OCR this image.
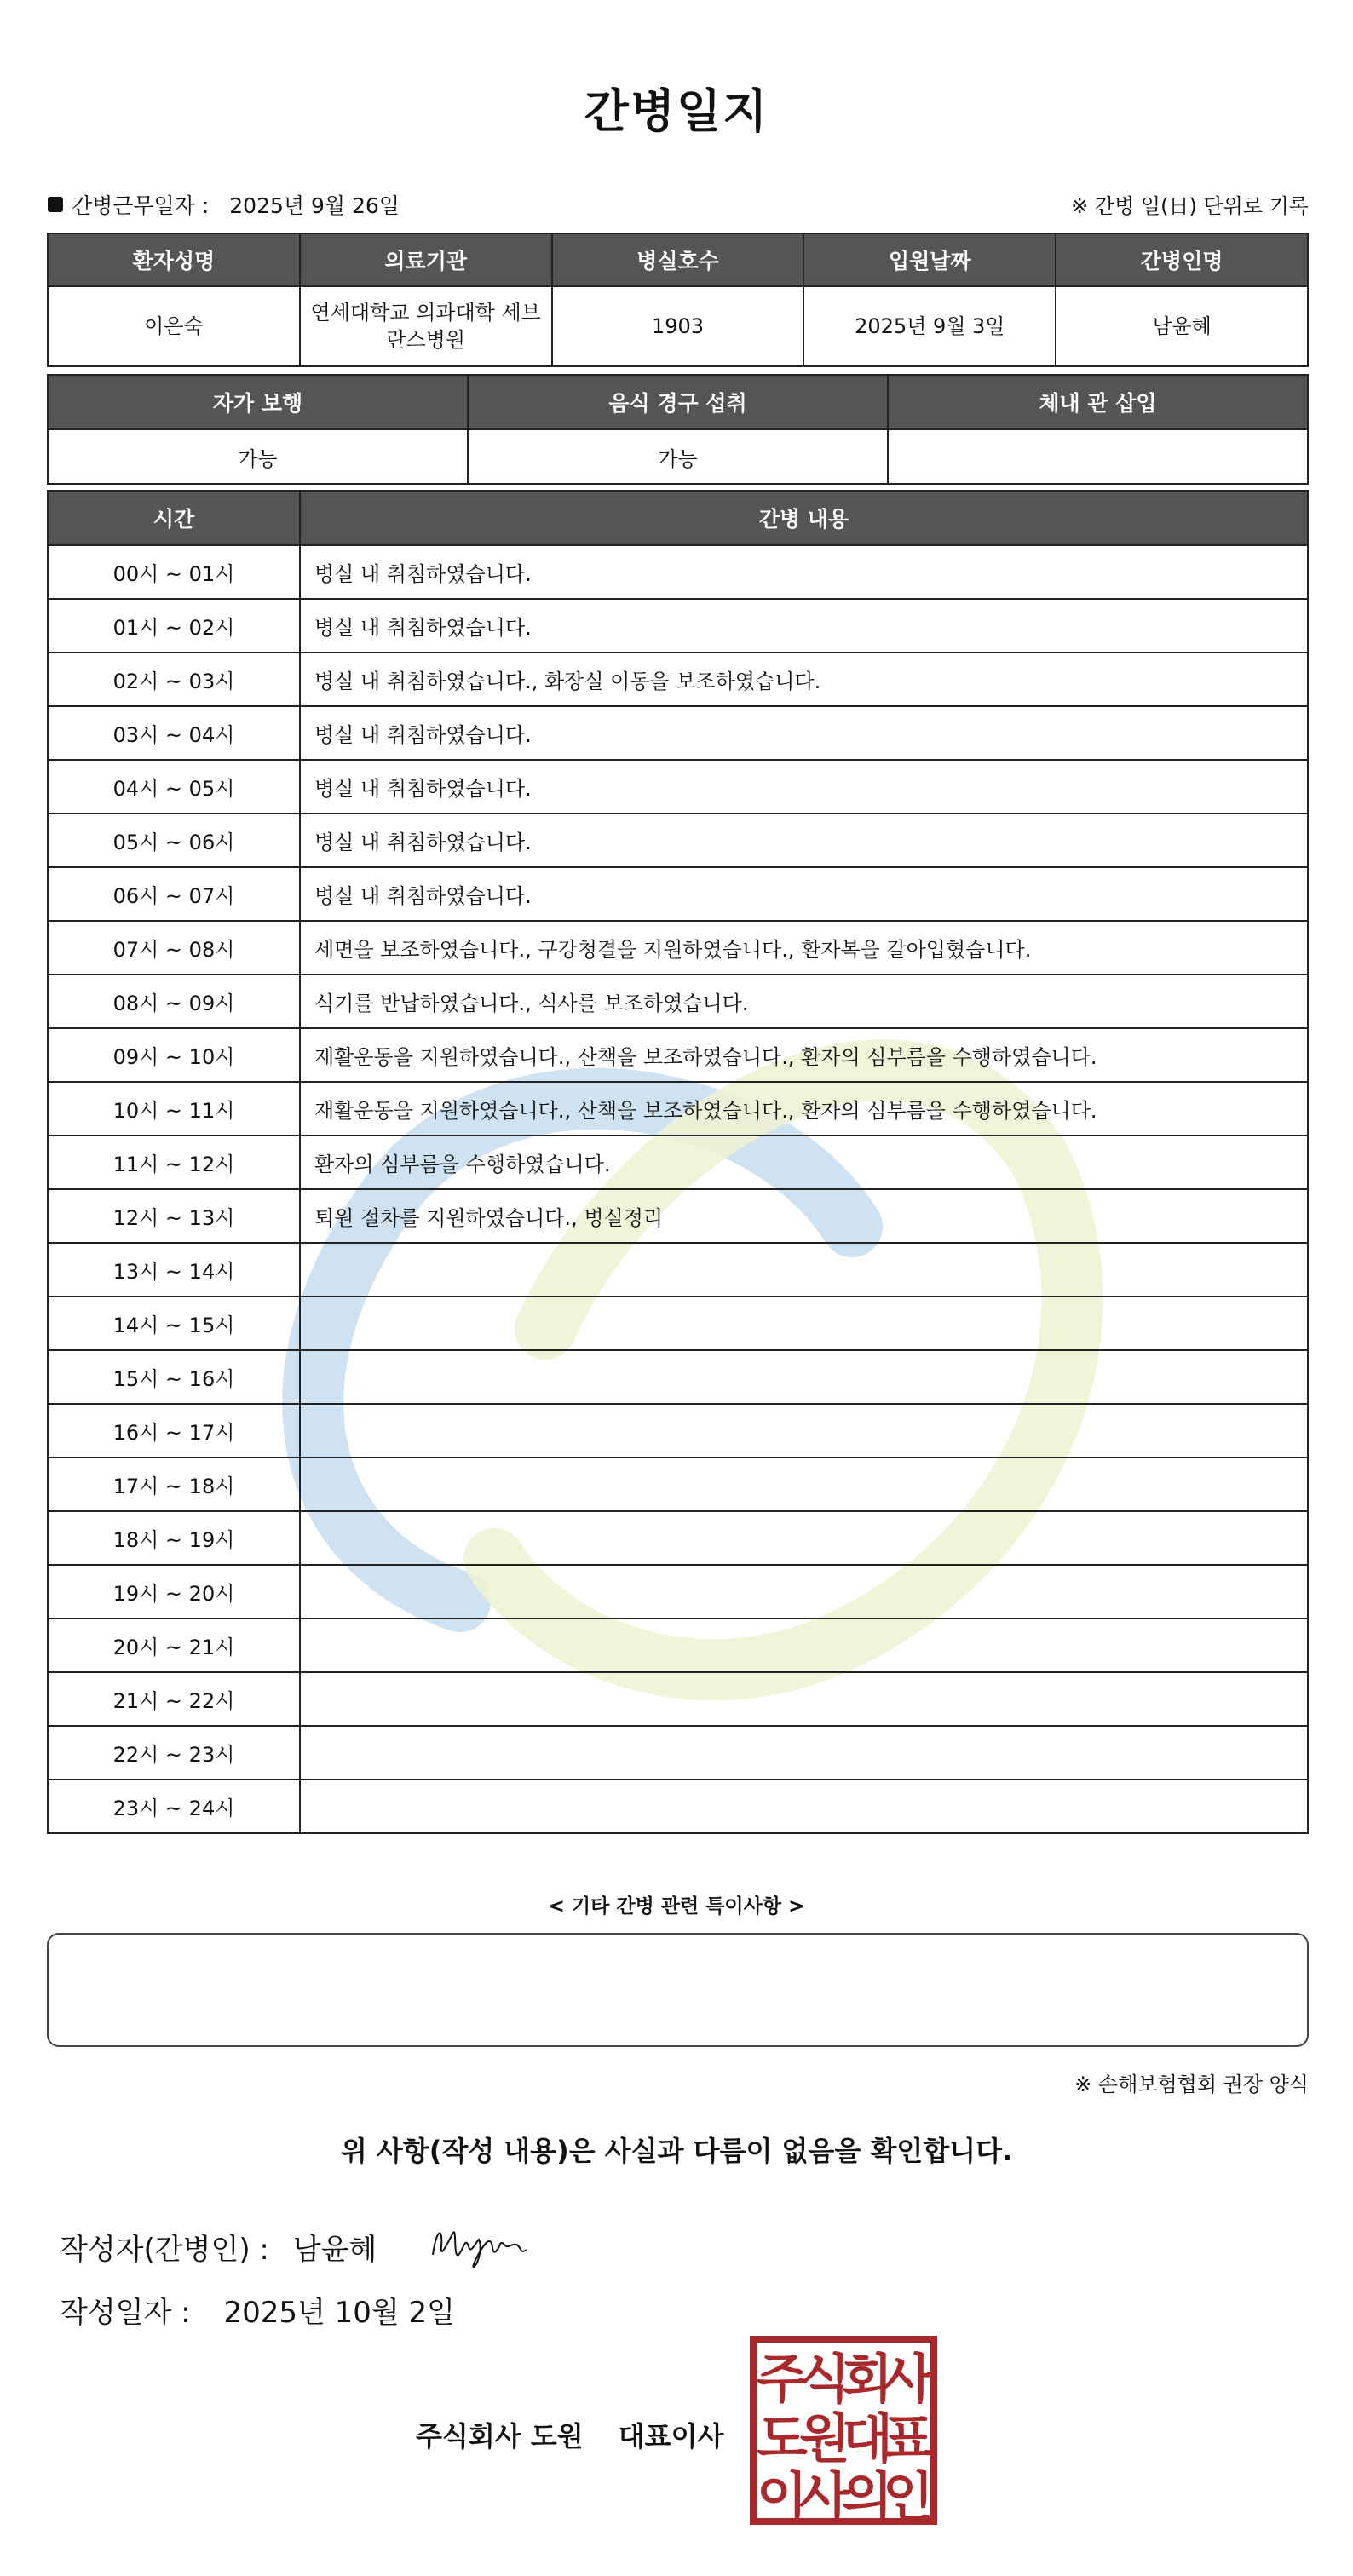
간병일지
간병근무일자 : 2025년 9월 26일	※ 간병 일(日) 단위로 기록
환자성명	의료기관	병실호수	입원날짜	간병인명
이은숙	연세대학교 의과대학 세브란스병원	1903	2025년 9월 3일	남윤혜
자가 보행	음식 경구 섭취	체내 관 삽입
가능	가능	
시간	간병 내용
00시 ~ 01시	병실 내 취침하였습니다.
01시 ~ 02시	병실 내 취침하였습니다.
02시 ~ 03시	병실 내 취침하였습니다., 화장실 이동을 보조하였습니다.
03시 ~ 04시	병실 내 취침하였습니다.
04시 ~ 05시	병실 내 취침하였습니다.
05시 ~ 06시	병실 내 취침하였습니다.
06시 ~ 07시	병실 내 취침하였습니다.
07시 ~ 08시	세면을 보조하였습니다., 구강청결을 지원하였습니다., 환자복을 갈아입혔습니다.
08시 ~ 09시	식기를 반납하였습니다., 식사를 보조하였습니다.
09시 ~ 10시	재활운동을 지원하였습니다., 산책을 보조하였습니다., 환자의 심부름을 수행하였습니다.
10시 ~ 11시	재활운동을 지원하였습니다., 산책을 보조하였습니다., 환자의 심부름을 수행하였습니다.
11시 ~ 12시	환자의 심부름을 수행하였습니다.
12시 ~ 13시	퇴원 절차를 지원하였습니다., 병실정리
13시 ~ 14시	
14시 ~ 15시	
15시 ~ 16시	
16시 ~ 17시	
17시 ~ 18시	
18시 ~ 19시	
19시 ~ 20시	
20시 ~ 21시	
21시 ~ 22시	
22시 ~ 23시	
23시 ~ 24시	
< 기타 간병 관련 특이사항 >
※ 손해보험협회 권장 양식
위 사항(작성 내용)은 사실과 다름이 없음을 확인합니다.
작성자(간병인) : 남윤혜
작성일자 : 2025년 10월 2일
주식회사 도원 대표이사
주
식
회
사
도
원
대
표
이
사
의
인
